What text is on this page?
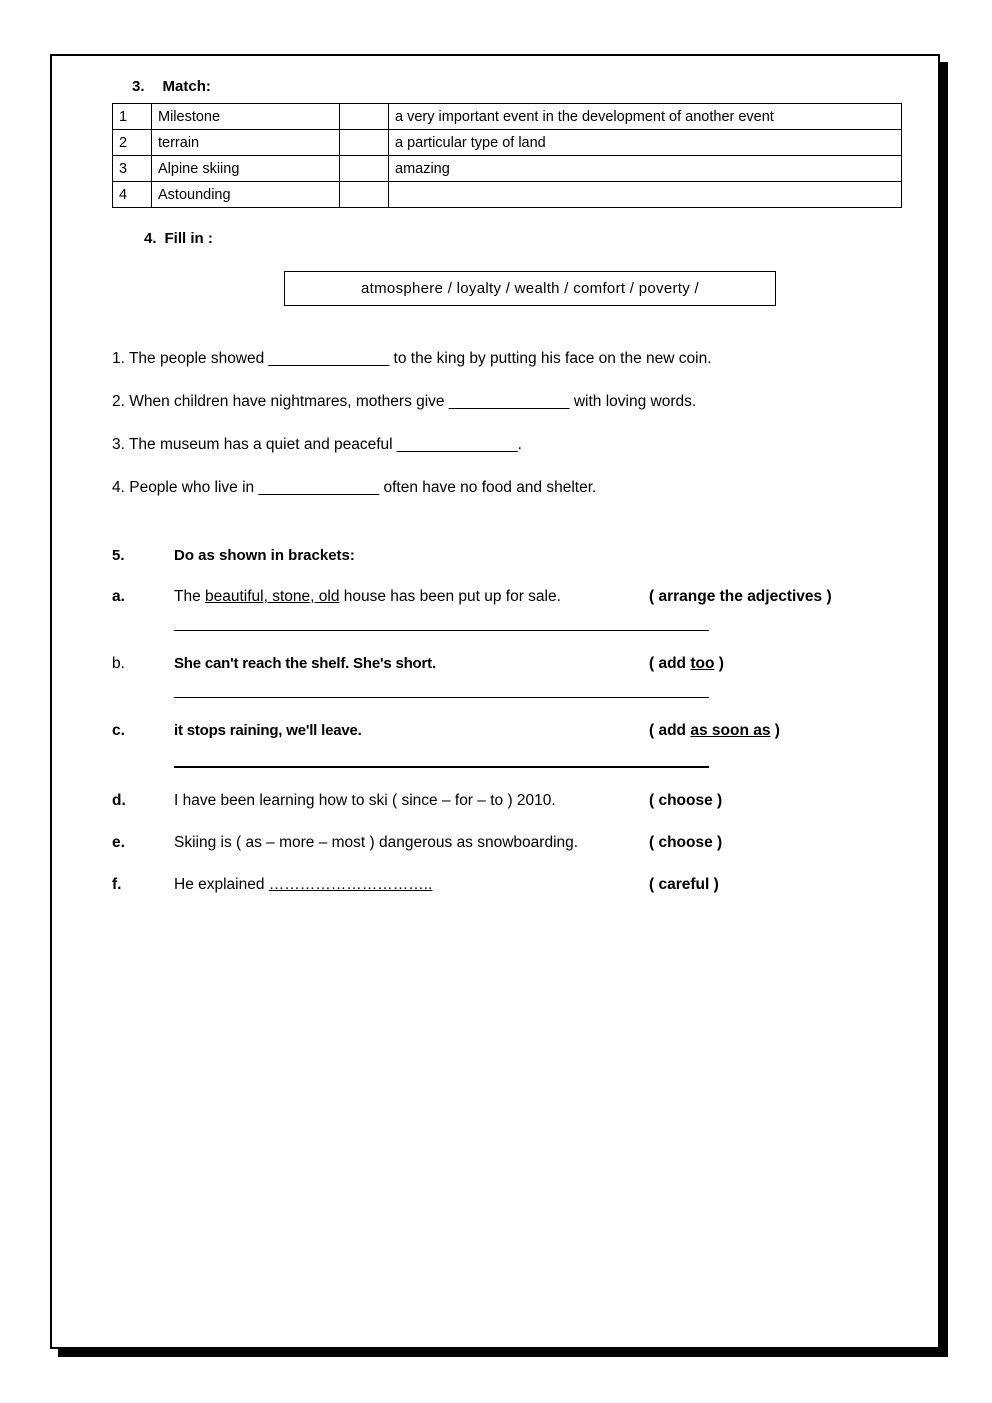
3. Match:
1	Milestone		a very important event in the development of another event
2	terrain		a particular type of land
3	Alpine skiing		amazing
4	Astounding		
4. Fill in :
atmosphere / loyalty / wealth / comfort / poverty /
1. The people showed ______________ to the king by putting his face on the new coin.
2. When children have nightmares, mothers give ______________ with loving words.
3. The museum has a quiet and peaceful ______________.
4. People who live in ______________ often have no food and shelter.
5.	Do as shown in brackets:
a.	The beautiful, stone, old house has been put up for sale.	( arrange the adjectives )
b.	She can't reach the shelf. She's short.	( add too )
c.	it stops raining, we'll leave.	( add as soon as )
d.	I have been learning how to ski ( since – for – to ) 2010.	( choose )
e.	Skiing is ( as – more – most ) dangerous as snowboarding.	( choose )
f.	He explained …………………………..	( careful )
